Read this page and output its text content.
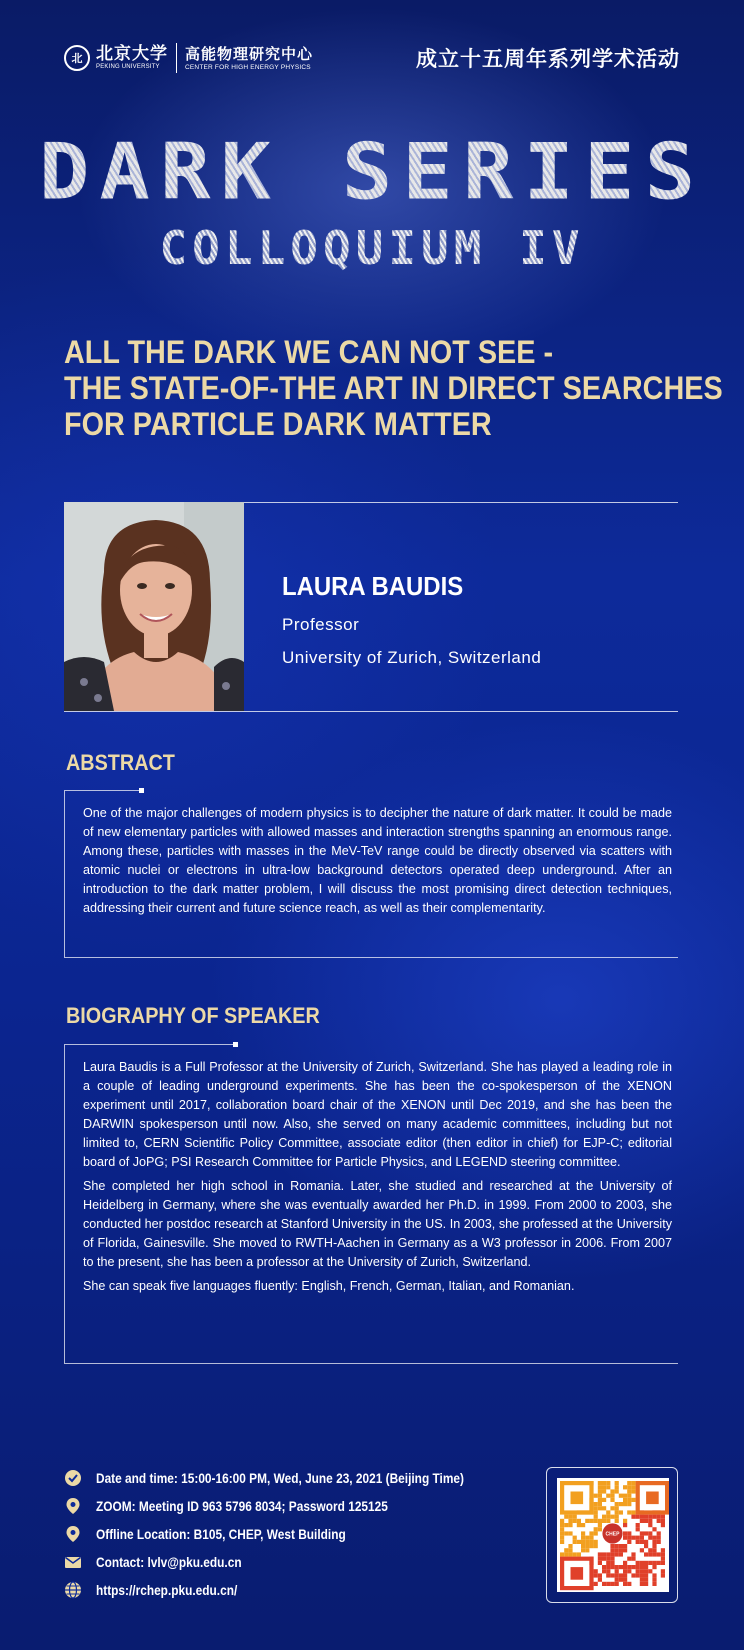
北 北京大学
PEKING UNIVERSITY
高能物理研究中心
CENTER FOR HIGH ENERGY PHYSICS	成立十五周年系列学术活动
DARK SERIES
COLLOQUIUM IV
ALL THE DARK WE CAN NOT SEE -
THE STATE-OF-THE ART IN DIRECT SEARCHES
FOR PARTICLE DARK MATTER
LAURA BAUDIS
Professor
University of Zurich, Switzerland
ABSTRACT

One of the major challenges of modern physics is to decipher the nature of dark matter. It could be made of new elementary particles with allowed masses and interaction strengths spanning an enormous range. Among these, particles with masses in the MeV-TeV range could be directly observed via scatters with atomic nuclei or electrons in ultra-low background detectors operated deep underground. After an introduction to the dark matter problem, I will discuss the most promising direct detection techniques, addressing their current and future science reach, as well as their complementarity.

BIOGRAPHY OF SPEAKER

Laura Baudis is a Full Professor at the University of Zurich, Switzerland. She has played a leading role in a couple of leading underground experiments. She has been the co-spokesperson of the XENON experiment until 2017, collaboration board chair of the XENON until Dec 2019, and she has been the DARWIN spokesperson until now. Also, she served on many academic committees, including but not limited to, CERN Scientific Policy Committee, associate editor (then editor in chief) for EJP-C; editorial board of JoPG; PSI Research Committee for Particle Physics, and LEGEND steering committee.

She completed her high school in Romania. Later, she studied and researched at the University of Heidelberg in Germany, where she was eventually awarded her Ph.D. in 1999. From 2000 to 2003, she conducted her postdoc research at Stanford University in the US. In 2003, she professed at the University of Florida, Gainesville. She moved to RWTH-Aachen in Germany as a W3 professor in 2006. From 2007 to the present, she has been a professor at the University of Zurich, Switzerland.

She can speak five languages fluently: English, French, German, Italian, and Romanian.

Date and time: 15:00-16:00 PM, Wed, June 23, 2021 (Beijing Time)
ZOOM: Meeting ID 963 5796 8034; Password 125125
Offline Location: B105, CHEP, West Building
Contact: lvlv@pku.edu.cn
https://rchep.pku.edu.cn/
CHEP
